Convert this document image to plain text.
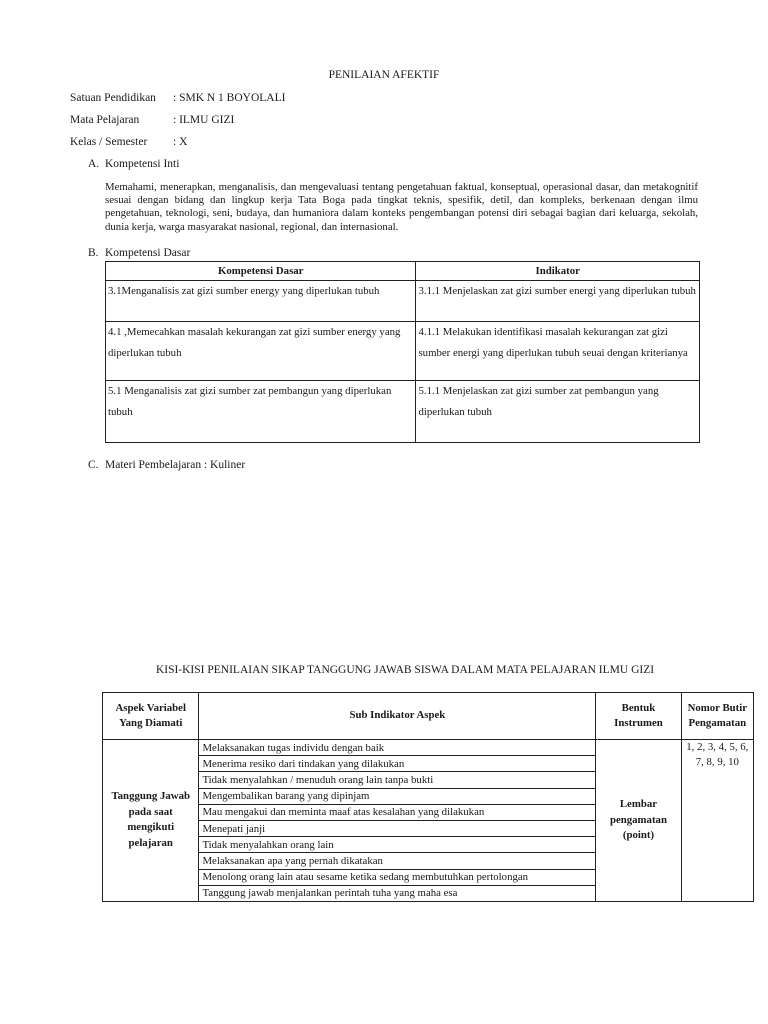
PENILAIAN AFEKTIF
Satuan Pendidikan : SMK N 1 BOYOLALI
Mata Pelajaran	: ILMU GIZI
Kelas / Semester : X
A. Kompetensi Inti
Memahami, menerapkan, menganalisis, dan mengevaluasi tentang pengetahuan faktual, konseptual, operasional dasar, dan metakognitif sesuai dengan bidang dan lingkup kerja Tata Boga pada tingkat teknis, spesifik, detil, dan kompleks, berkenaan dengan ilmu pengetahuan, teknologi, seni, budaya, dan humaniora dalam konteks pengembangan potensi diri sebagai bagian dari keluarga, sekolah, dunia kerja, warga masyarakat nasional, regional, dan internasional.
B. Kompetensi Dasar
Kompetensi Dasar	Indikator
3.1Menganalisis zat gizi sumber energy yang diperlukan tubuh	3.1.1 Menjelaskan zat gizi sumber energi yang diperlukan tubuh
4.1 ,Memecahkan masalah kekurangan zat gizi sumber energy yang diperlukan tubuh	4.1.1 Melakukan identifikasi masalah kekurangan zat gizi sumber energi yang diperlukan tubuh seuai dengan kriterianya
5.1 Menganalisis zat gizi sumber zat pembangun yang diperlukan tubuh	5.1.1 Menjelaskan zat gizi sumber zat pembangun yang diperlukan tubuh
C. Materi Pembelajaran : Kuliner
KISI-KISI PENILAIAN SIKAP TANGGUNG JAWAB SISWA DALAM MATA PELAJARAN ILMU GIZI
Aspek Variabel Yang Diamati	Sub Indikator Aspek	Bentuk Instrumen	Nomor Butir Pengamatan
Tanggung Jawab pada saat mengikuti pelajaran	Melaksanakan tugas individu dengan baik	Lembar pengamatan (point)	1, 2, 3, 4, 5, 6, 7, 8, 9, 10
	Menerima resiko dari tindakan yang dilakukan		
	Tidak menyalahkan / menuduh orang lain tanpa bukti		
	Mengembalikan barang yang dipinjam		
	Mau mengakui dan meminta maaf atas kesalahan yang dilakukan		
	Menepati janji		
	Tidak menyalahkan orang lain		
	Melaksanakan apa yang pernah dikatakan		
	Menolong orang lain atau sesame ketika sedang membutuhkan pertolongan		
	Tanggung jawab menjalankan perintah tuha yang maha esa		
